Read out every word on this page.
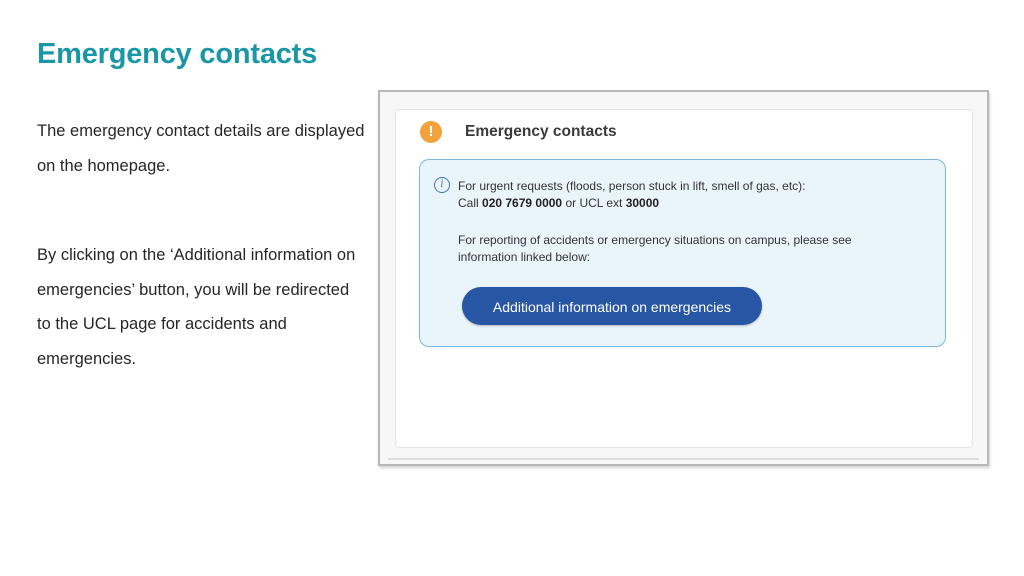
Emergency contacts
The emergency contact details are displayed on the homepage.
By clicking on the ‘Additional information on emergencies’ button, you will be redirected to the UCL page for accidents and emergencies.
!	Emergency contacts
i	For urgent requests (floods, person stuck in lift, smell of gas, etc):
Call 020 7679 0000 or UCL ext 30000
For reporting of accidents or emergency situations on campus, please see
information linked below:
Additional information on emergencies
